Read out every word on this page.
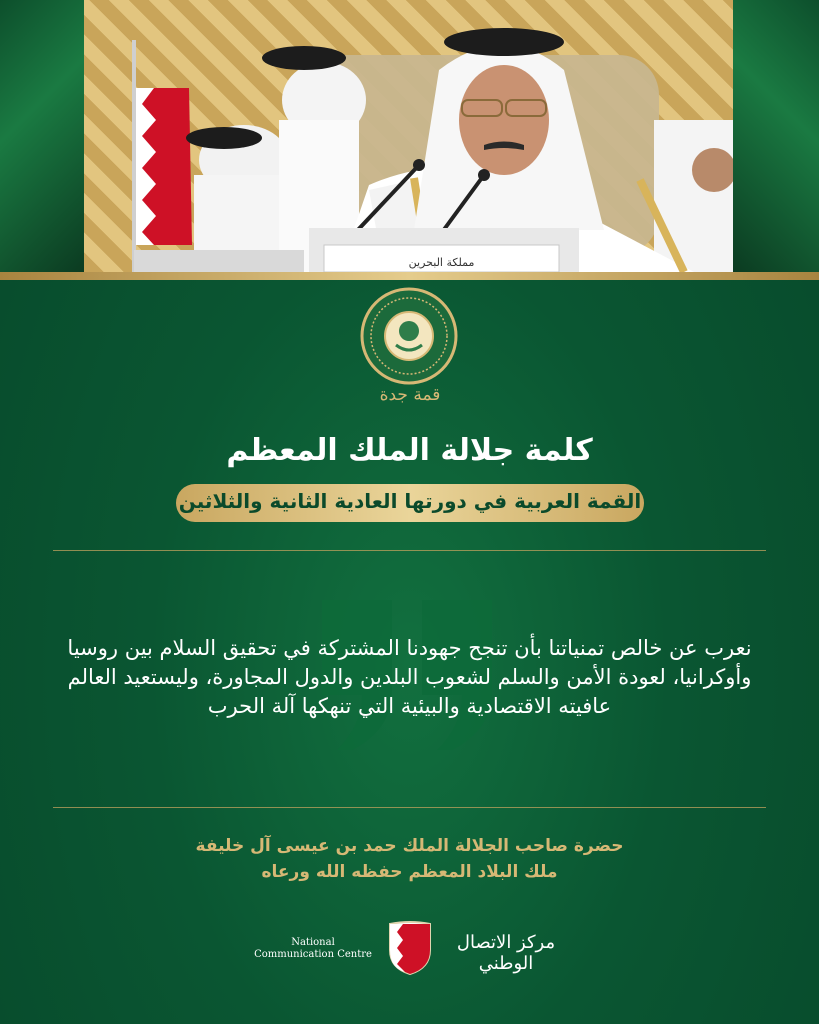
مملكة البحرين
قمة جدة
كلمة جلالة الملك المعظم
القمة العربية في دورتها العادية الثانية والثلاثين
نعرب عن خالص تمنياتنا بأن تنجح جهودنا المشتركة في تحقيق السلام بين روسيا وأوكرانيا، لعودة الأمن والسلم لشعوب البلدين والدول المجاورة، وليستعيد العالم عافيته الاقتصادية والبيئية التي تنهكها آلة الحرب
حضرة صاحب الجلالة الملك حمد بن عيسى آل خليفة
ملك البلاد المعظم حفظه الله ورعاه
National
Communication Centre
مركز الاتصال الوطني
